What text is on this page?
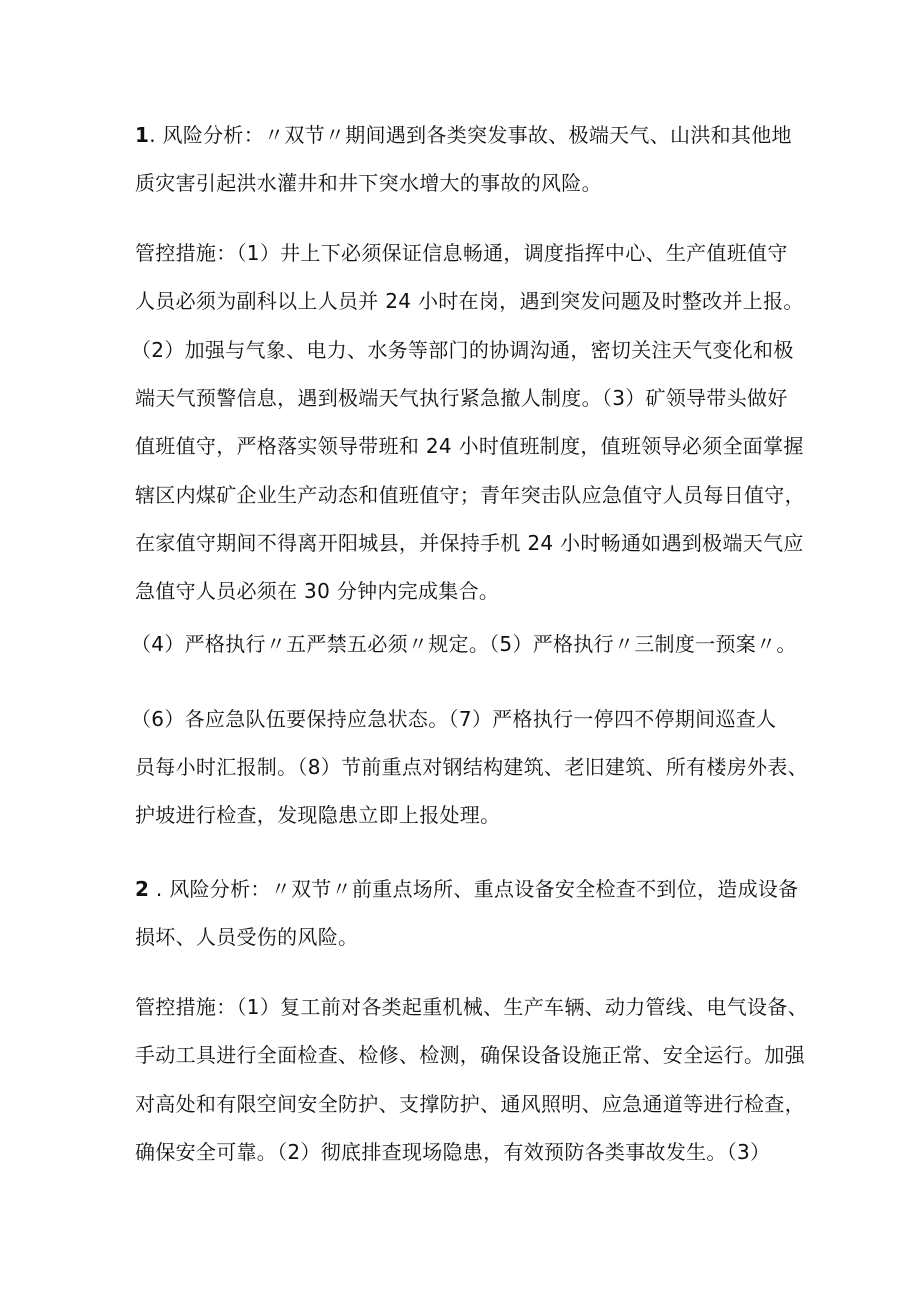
1. 风险分析：〃双节〃期间遇到各类突发事故、极端天气、山洪和其他地
质灾害引起洪水灌井和井下突水增大的事故的风险。
管控措施：（1）井上下必须保证信息畅通，调度指挥中心、生产值班值守
人员必须为副科以上人员并 24 小时在岗，遇到突发问题及时整改并上报。
（2）加强与气象、电力、水务等部门的协调沟通，密切关注天气变化和极
端天气预警信息，遇到极端天气执行紧急撤人制度。（3）矿领导带头做好
值班值守，严格落实领导带班和 24 小时值班制度，值班领导必须全面掌握
辖区内煤矿企业生产动态和值班值守；青年突击队应急值守人员每日值守，
在家值守期间不得离开阳城县，并保持手机 24 小时畅通如遇到极端天气应
急值守人员必须在 30 分钟内完成集合。
（4）严格执行〃五严禁五必须〃规定。（5）严格执行〃三制度一预案〃。
（6）各应急队伍要保持应急状态。（7）严格执行一停四不停期间巡查人
员每小时汇报制。（8）节前重点对钢结构建筑、老旧建筑、所有楼房外表、
护坡进行检查，发现隐患立即上报处理。
2 . 风险分析：〃双节〃前重点场所、重点设备安全检查不到位，造成设备
损坏、人员受伤的风险。
管控措施：（1）复工前对各类起重机械、生产车辆、动力管线、电气设备、
手动工具进行全面检查、检修、检测，确保设备设施正常、安全运行。加强
对高处和有限空间安全防护、支撑防护、通风照明、应急通道等进行检查，
确保安全可靠。（2）彻底排查现场隐患，有效预防各类事故发生。（3）
